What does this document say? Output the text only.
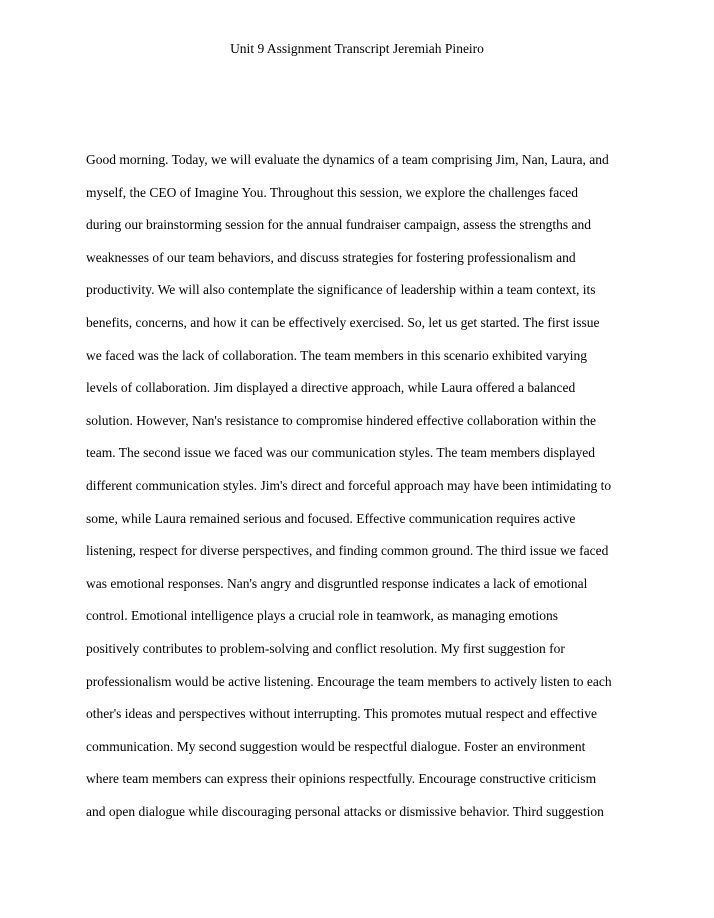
Unit 9 Assignment Transcript Jeremiah Pineiro
Good morning. Today, we will evaluate the dynamics of a team comprising Jim, Nan, Laura, and
myself, the CEO of Imagine You. Throughout this session, we explore the challenges faced
during our brainstorming session for the annual fundraiser campaign, assess the strengths and
weaknesses of our team behaviors, and discuss strategies for fostering professionalism and
productivity. We will also contemplate the significance of leadership within a team context, its
benefits, concerns, and how it can be effectively exercised. So, let us get started. The first issue
we faced was the lack of collaboration. The team members in this scenario exhibited varying
levels of collaboration. Jim displayed a directive approach, while Laura offered a balanced
solution. However, Nan's resistance to compromise hindered effective collaboration within the
team. The second issue we faced was our communication styles. The team members displayed
different communication styles. Jim's direct and forceful approach may have been intimidating to
some, while Laura remained serious and focused. Effective communication requires active
listening, respect for diverse perspectives, and finding common ground. The third issue we faced
was emotional responses. Nan's angry and disgruntled response indicates a lack of emotional
control. Emotional intelligence plays a crucial role in teamwork, as managing emotions
positively contributes to problem-solving and conflict resolution. My first suggestion for
professionalism would be active listening. Encourage the team members to actively listen to each
other's ideas and perspectives without interrupting. This promotes mutual respect and effective
communication. My second suggestion would be respectful dialogue. Foster an environment
where team members can express their opinions respectfully. Encourage constructive criticism
and open dialogue while discouraging personal attacks or dismissive behavior. Third suggestion
